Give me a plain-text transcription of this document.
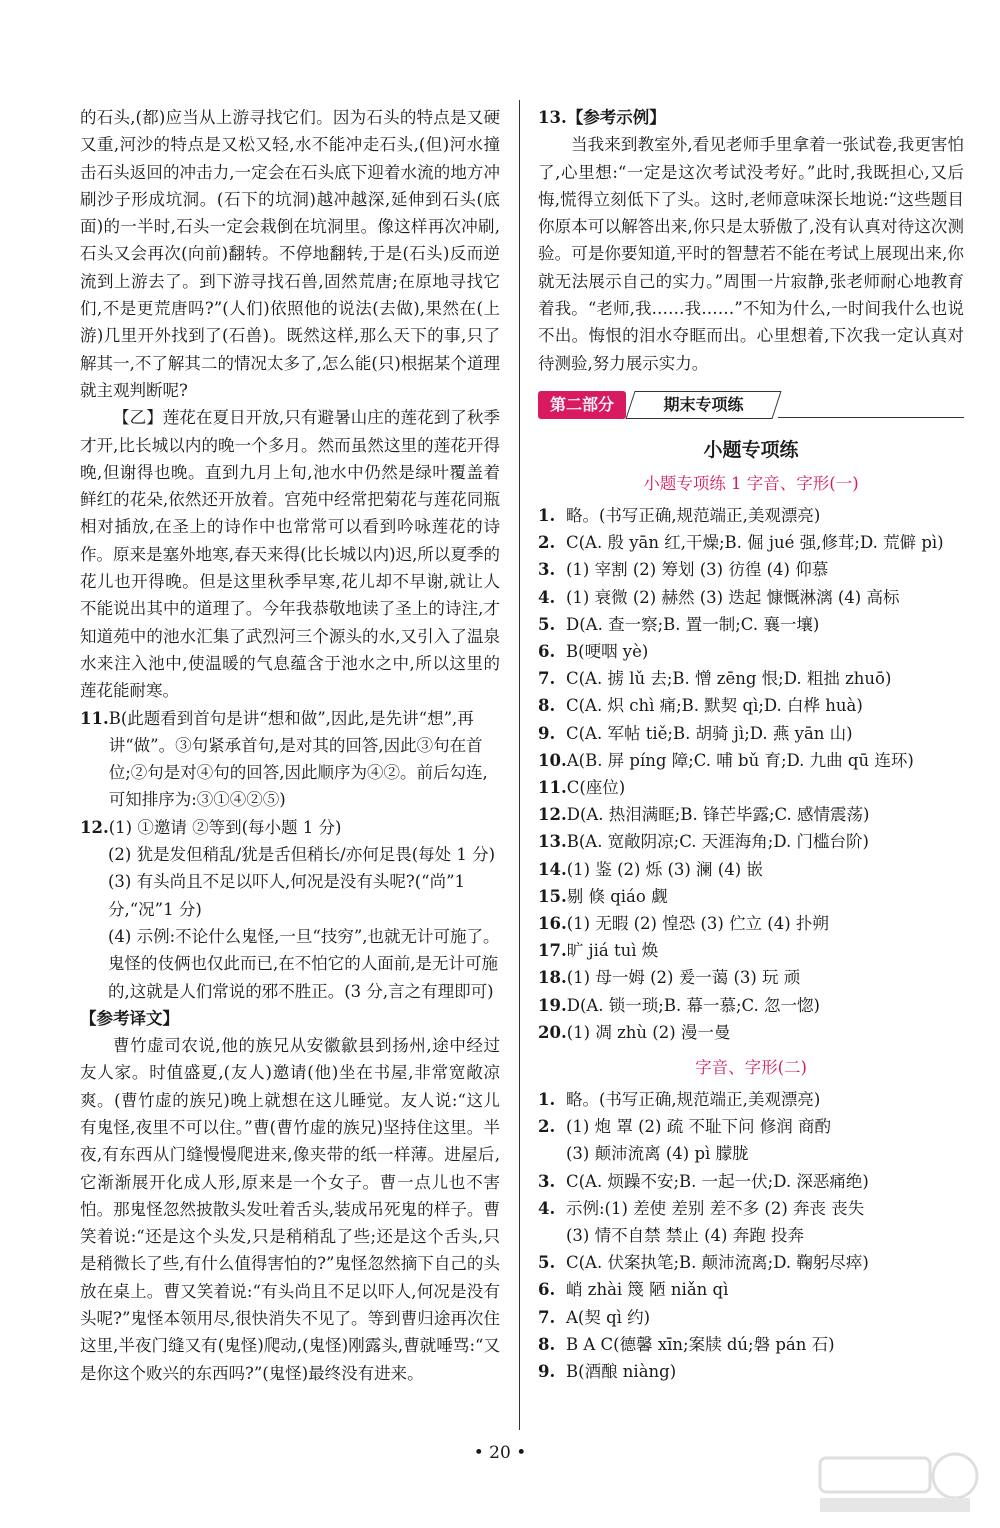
的石头,(都)应当从上游寻找它们。因为石头的特点是又硬又重,河沙的特点是又松又轻,水不能冲走石头,(但)河水撞击石头返回的冲击力,一定会在石头底下迎着水流的地方冲刷沙子形成坑洞。(石下的坑洞)越冲越深,延伸到石头(底面)的一半时,石头一定会栽倒在坑洞里。像这样再次冲刷,石头又会再次(向前)翻转。不停地翻转,于是(石头)反而逆流到上游去了。到下游寻找石兽,固然荒唐;在原地寻找它们,不是更荒唐吗?”(人们)依照他的说法(去做),果然在(上游)几里开外找到了(石兽)。既然这样,那么天下的事,只了解其一,不了解其二的情况太多了,怎么能(只)根据某个道理就主观判断呢?

【乙】莲花在夏日开放,只有避暑山庄的莲花到了秋季才开,比长城以内的晚一个多月。然而虽然这里的莲花开得晚,但谢得也晚。直到九月上旬,池水中仍然是绿叶覆盖着鲜红的花朵,依然还开放着。宫苑中经常把菊花与莲花同瓶相对插放,在圣上的诗作中也常常可以看到吟咏莲花的诗作。原来是塞外地寒,春天来得(比长城以内)迟,所以夏季的花儿也开得晚。但是这里秋季早寒,花儿却不早谢,就让人不能说出其中的道理了。今年我恭敬地读了圣上的诗注,才知道苑中的池水汇集了武烈河三个源头的水,又引入了温泉水来注入池中,使温暖的气息蕴含于池水之中,所以这里的莲花能耐寒。

11. B(此题看到首句是讲“想和做”,因此,是先讲“想”,再讲“做”。③句紧承首句,是对其的回答,因此③句在首位;②句是对④句的回答,因此顺序为④②。前后勾连,可知排序为:③①④②⑤)
12. (1) ①邀请 ②等到(每小题 1 分)

(2) 犹是发但稍乱/犹是舌但稍长/亦何足畏(每处 1 分)

(3) 有头尚且不足以吓人,何况是没有头呢?(“尚”1 分,“况”1 分)

(4) 示例:不论什么鬼怪,一旦“技穷”,也就无计可施了。鬼怪的伎俩也仅此而已,在不怕它的人面前,是无计可施的,这就是人们常说的邪不胜正。(3 分,言之有理即可)

【参考译文】

曹竹虚司农说,他的族兄从安徽歙县到扬州,途中经过友人家。时值盛夏,(友人)邀请(他)坐在书屋,非常宽敞凉爽。(曹竹虚的族兄)晚上就想在这儿睡觉。友人说:“这儿有鬼怪,夜里不可以住。”曹(曹竹虚的族兄)坚持住这里。半夜,有东西从门缝慢慢爬进来,像夹带的纸一样薄。进屋后,它渐渐展开化成人形,原来是一个女子。曹一点儿也不害怕。那鬼怪忽然披散头发吐着舌头,装成吊死鬼的样子。曹笑着说:“还是这个头发,只是稍稍乱了些;还是这个舌头,只是稍微长了些,有什么值得害怕的?”鬼怪忽然摘下自己的头放在桌上。曹又笑着说:“有头尚且不足以吓人,何况是没有头呢?”鬼怪本领用尽,很快消失不见了。等到曹归途再次住这里,半夜门缝又有(鬼怪)爬动,(鬼怪)刚露头,曹就唾骂:“又是你这个败兴的东西吗?”(鬼怪)最终没有进来。

13.【参考示例】

当我来到教室外,看见老师手里拿着一张试卷,我更害怕了,心里想:“一定是这次考试没考好。”此时,我既担心,又后悔,慌得立刻低下了头。这时,老师意味深长地说:“这些题目你原本可以解答出来,你只是太骄傲了,没有认真对待这次测验。可是你要知道,平时的智慧若不能在考试上展现出来,你就无法展示自己的实力。”周围一片寂静,张老师耐心地教育着我。“老师,我……我……”不知为什么,一时间我什么也说不出。悔恨的泪水夺眶而出。心里想着,下次我一定认真对待测验,努力展示实力。

第二部分	期末专项练
小题专项练
小题专项练 1 字音、字形(一)
1. 略。(书写正确,规范端正,美观漂亮)
2. C(A. 殷 yān 红,干燥;B. 倔 jué 强,修茸;D. 荒僻 pì)
3. (1) 宰割 (2) 筹划 (3) 彷徨 (4) 仰慕
4. (1) 衰微 (2) 赫然 (3) 迭起 慷慨淋漓 (4) 高标
5. D(A. 查一察;B. 置一制;C. 襄一壤)
6. B(哽咽 yè)
7. C(A. 掳 lǔ 去;B. 憎 zēng 恨;D. 粗拙 zhuō)
8. C(A. 炽 chì 痛;B. 默契 qì;D. 白桦 huà)
9. C(A. 军帖 tiě;B. 胡骑 jì;D. 燕 yān 山)
10. A(B. 屏 píng 障;C. 哺 bǔ 育;D. 九曲 qū 连环)
11. C(座位)
12. D(A. 热泪满眶;B. 锋芒毕露;C. 感情震荡)
13. B(A. 宽敞阴凉;C. 天涯海角;D. 门槛台阶)
14. (1) 鉴 (2) 烁 (3) 澜 (4) 嵌
15. 剔 倏 qiáo 觑
16. (1) 无暇 (2) 惶恐 (3) 伫立 (4) 扑朔
17. 旷 jiá tuì 焕
18. (1) 母一姆 (2) 爰一蔼 (3) 玩 顽
19. D(A. 锁一琐;B. 幕一慕;C. 忽一惚)
20. (1) 凋 zhù (2) 漫一曼
字音、字形(二)
1. 略。(书写正确,规范端正,美观漂亮)
2. (1) 炮 罩 (2) 疏 不耻下问 修润 商酌
(3) 颠沛流离 (4) pì 朦胧
3. C(A. 烦躁不安;B. 一起一伏;D. 深恶痛绝)
4. 示例:(1) 差使 差别 差不多 (2) 奔丧 丧失
(3) 情不自禁 禁止 (4) 奔跑 投奔
5. C(A. 伏案执笔;B. 颠沛流离;D. 鞠躬尽瘁)
6. 峭 zhài 篾 陋 niǎn qì
7. A(契 qì 约)
8. B A C(德馨 xīn;案牍 dú;磐 pán 石)
9. B(酒酿 niàng)
• 20 •
